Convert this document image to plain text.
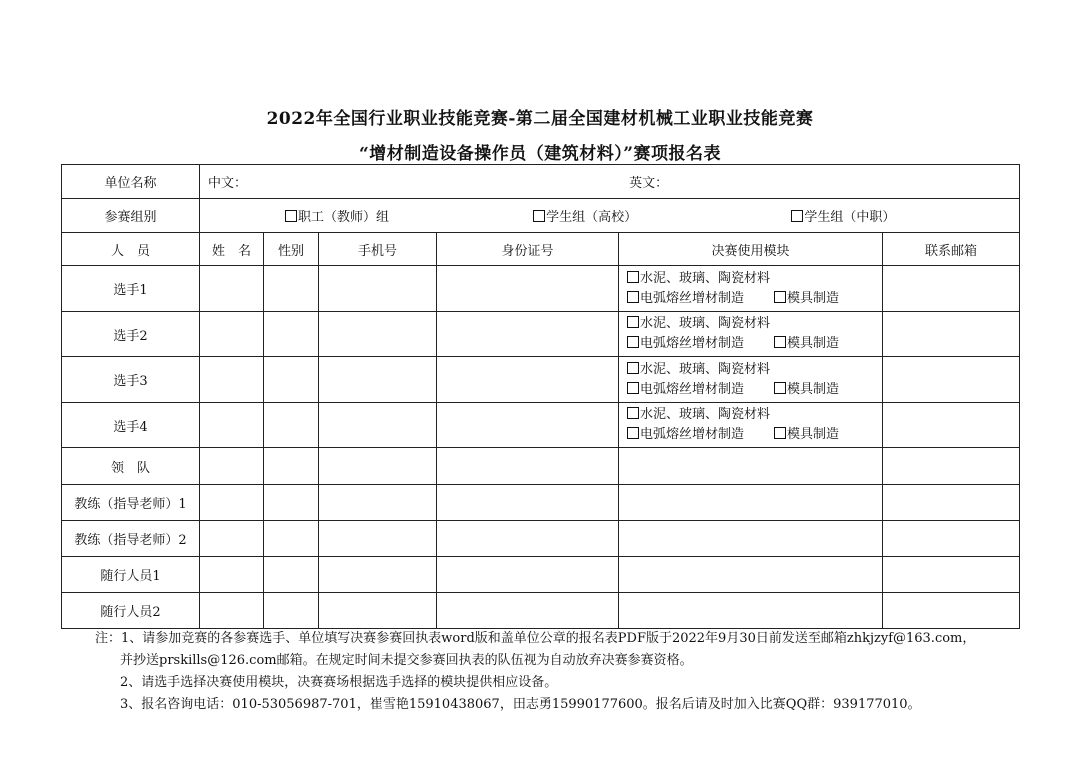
2022年全国行业职业技能竞赛-第二届全国建材机械工业职业技能竞赛
“增材制造设备操作员（建筑材料）”赛项报名表
单位名称	中文： 英文：					
参赛组别	职工（教师）组 学生组（高校） 学生组（中职）					
人　员	姓　名	性别	手机号	身份证号	决赛使用模块	联系邮箱
选手1					水泥、玻璃、陶瓷材料
电弧熔丝增材制造 模具制造	

选手2					水泥、玻璃、陶瓷材料
电弧熔丝增材制造 模具制造	

选手3					水泥、玻璃、陶瓷材料
电弧熔丝增材制造 模具制造	

选手4					水泥、玻璃、陶瓷材料
电弧熔丝增材制造 模具制造	

领　队						
教练（指导老师）1						
教练（指导老师）2						
随行人员1						
随行人员2						
注：1、请参加竞赛的各参赛选手、单位填写决赛参赛回执表word版和盖单位公章的报名表PDF版于2022年9月30日前发送至邮箱zhkjzyf@163.com，
并抄送prskills@126.com邮箱。在规定时间未提交参赛回执表的队伍视为自动放弃决赛参赛资格。
2、请选手选择决赛使用模块，决赛赛场根据选手选择的模块提供相应设备。
3、报名咨询电话：010-53056987-701，崔雪艳15910438067，田志勇15990177600。报名后请及时加入比赛QQ群：939177010。
